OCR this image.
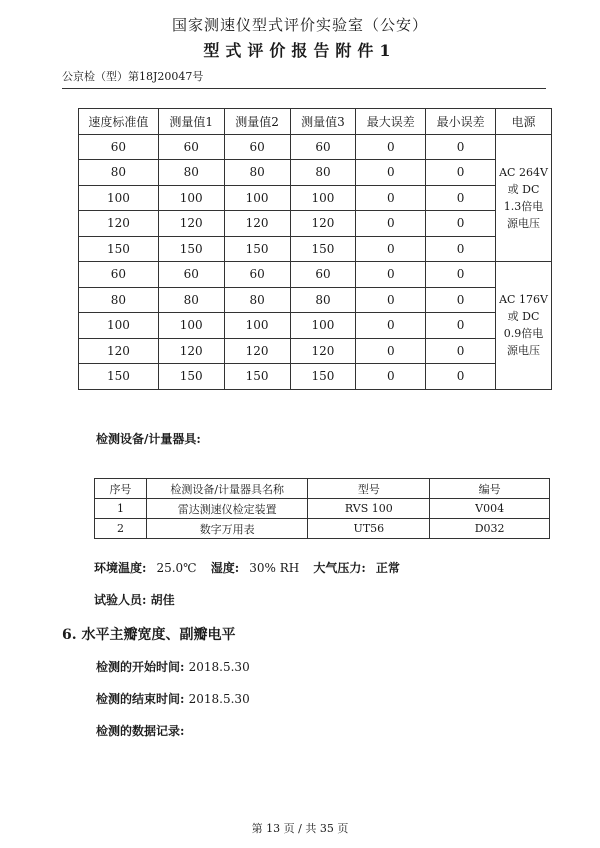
国家测速仪型式评价实验室（公安）
型式评价报告附件1
公京检（型）第18J20047号
速度标准值	测量值1	测量值2	测量值3	最大误差	最小误差	电源
60	60	60	60	0	0	AC 264V
或 DC
1.3倍电
源电压

80	80	80	80	0	0	
100	100	100	100	0	0	
120	120	120	120	0	0	
150	150	150	150	0	0	
60	60	60	60	0	0	AC 176V
或 DC
0.9倍电
源电压

80	80	80	80	0	0	
100	100	100	100	0	0	
120	120	120	120	0	0	
150	150	150	150	0	0	
检测设备/计量器具:
序号	检测设备/计量器具名称	型号	编号
1	雷达测速仪检定装置	RVS 100	V004
2	数字万用表	UT56	D032
环境温度: 25.0℃ 湿度: 30% RH 大气压力: 正常
试验人员: 胡佳
6. 水平主瓣宽度、副瓣电平
检测的开始时间: 2018.5.30
检测的结束时间: 2018.5.30
检测的数据记录:
第 13 页 / 共 35 页
